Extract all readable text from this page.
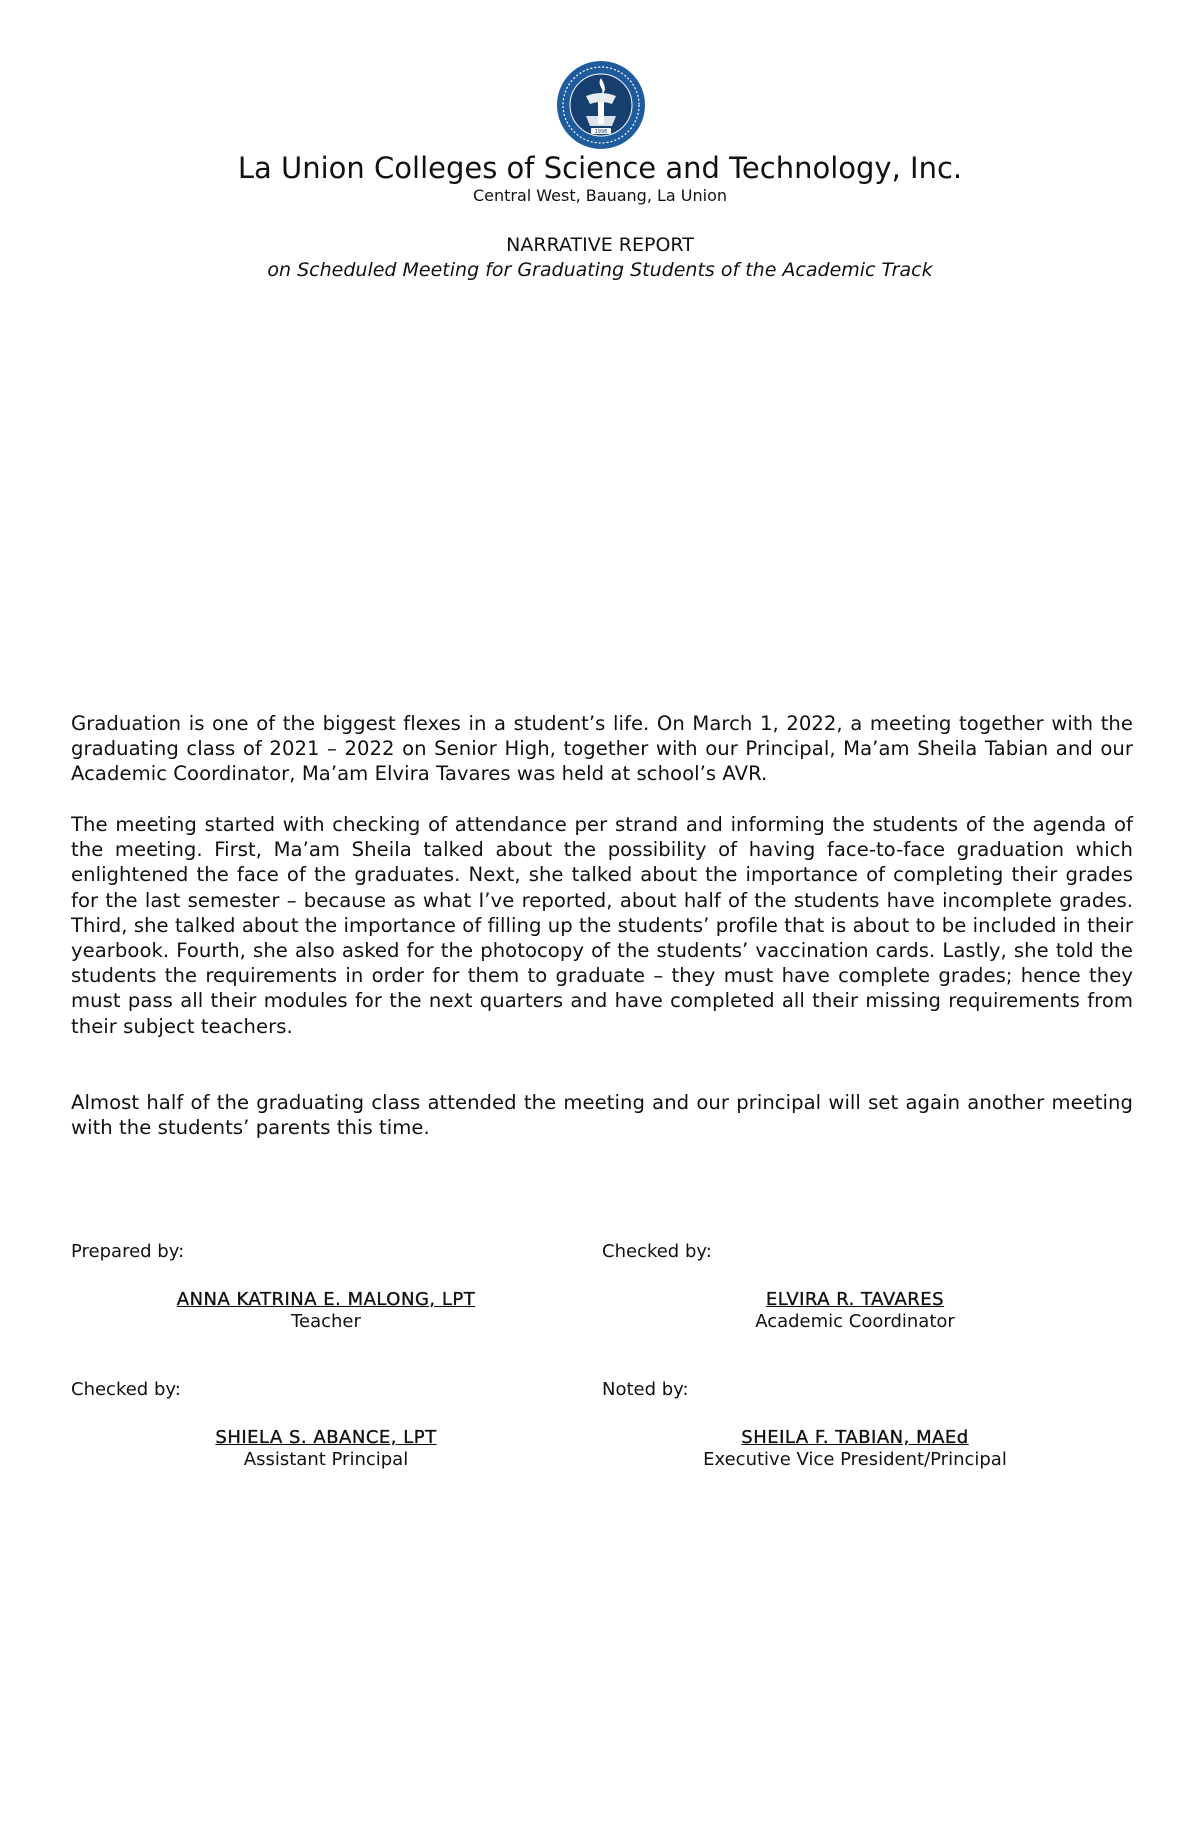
1998
La Union Colleges of Science and Technology, Inc.
Central West, Bauang, La Union
NARRATIVE REPORT
on Scheduled Meeting for Graduating Students of the Academic Track
Graduation is one of the biggest flexes in a student’s life. On March 1, 2022, a meeting together with the graduating class of 2021 – 2022 on Senior High, together with our Principal, Ma’am Sheila Tabian and our Academic Coordinator, Ma’am Elvira Tavares was held at school’s AVR.
The meeting started with checking of attendance per strand and informing the students of the agenda of the meeting. First, Ma’am Sheila talked about the possibility of having face-to-face graduation which enlightened the face of the graduates. Next, she talked about the importance of completing their grades for the last semester – because as what I’ve reported, about half of the students have incomplete grades. Third, she talked about the importance of filling up the students’ profile that is about to be included in their yearbook. Fourth, she also asked for the photocopy of the students’ vaccination cards. Lastly, she told the students the requirements in order for them to graduate – they must have complete grades; hence they must pass all their modules for the next quarters and have completed all their missing requirements from their subject teachers.
Almost half of the graduating class attended the meeting and our principal will set again another meeting with the students’ parents this time.
Prepared by:
ANNA KATRINA E. MALONG, LPT
Teacher
Checked by:
ELVIRA R. TAVARES
Academic Coordinator
Checked by:
SHIELA S. ABANCE, LPT
Assistant Principal
Noted by:
SHEILA F. TABIAN, MAEd
Executive Vice President/Principal
